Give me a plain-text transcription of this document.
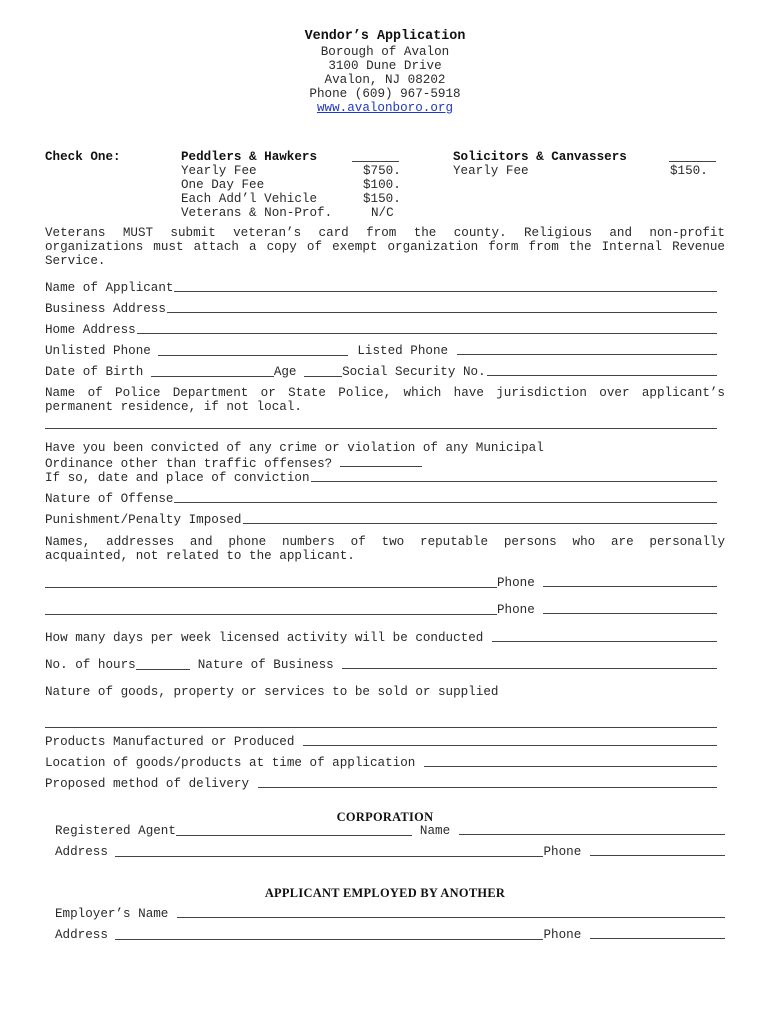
Vendor’s Application
Borough of Avalon
3100 Dune Drive
Avalon, NJ 08202
Phone (609) 967-5918
www.avalonboro.org
Check One:	Peddlers & Hawkers
Yearly Fee	$750.
One Day Fee	$100.
Each Add’l Vehicle	$150.
Veterans & Non-Prof.	N/C
Solicitors & Canvassers
Yearly Fee	$150.
Veterans MUST submit veteran’s card from the county. Religious and non-profit organizations must attach a copy of exempt organization form from the Internal Revenue Service.
Name of Applicant

Business Address

Home Address

Unlisted Phone
	Listed Phone

Date of Birth
	Age
	Social Security No.

Name of Police Department or State Police, which have jurisdiction over applicant’s permanent residence, if not local.
Have you been convicted of any crime or violation of any Municipal
Ordinance other than traffic offenses?
If so, date and place of conviction

Nature of Offense

Punishment/Penalty Imposed

Names, addresses and phone numbers of two reputable persons who are personally acquainted, not related to the applicant.
Phone

Phone

How many days per week licensed activity will be conducted

No. of hours	Nature of Business

Nature of goods, property or services to be sold or supplied
Products Manufactured or Produced

Location of goods/products at time of application

Proposed method of delivery

CORPORATION
Registered Agent	Name

Address
	Phone

APPLICANT EMPLOYED BY ANOTHER
Employer’s Name

Address
	Phone
